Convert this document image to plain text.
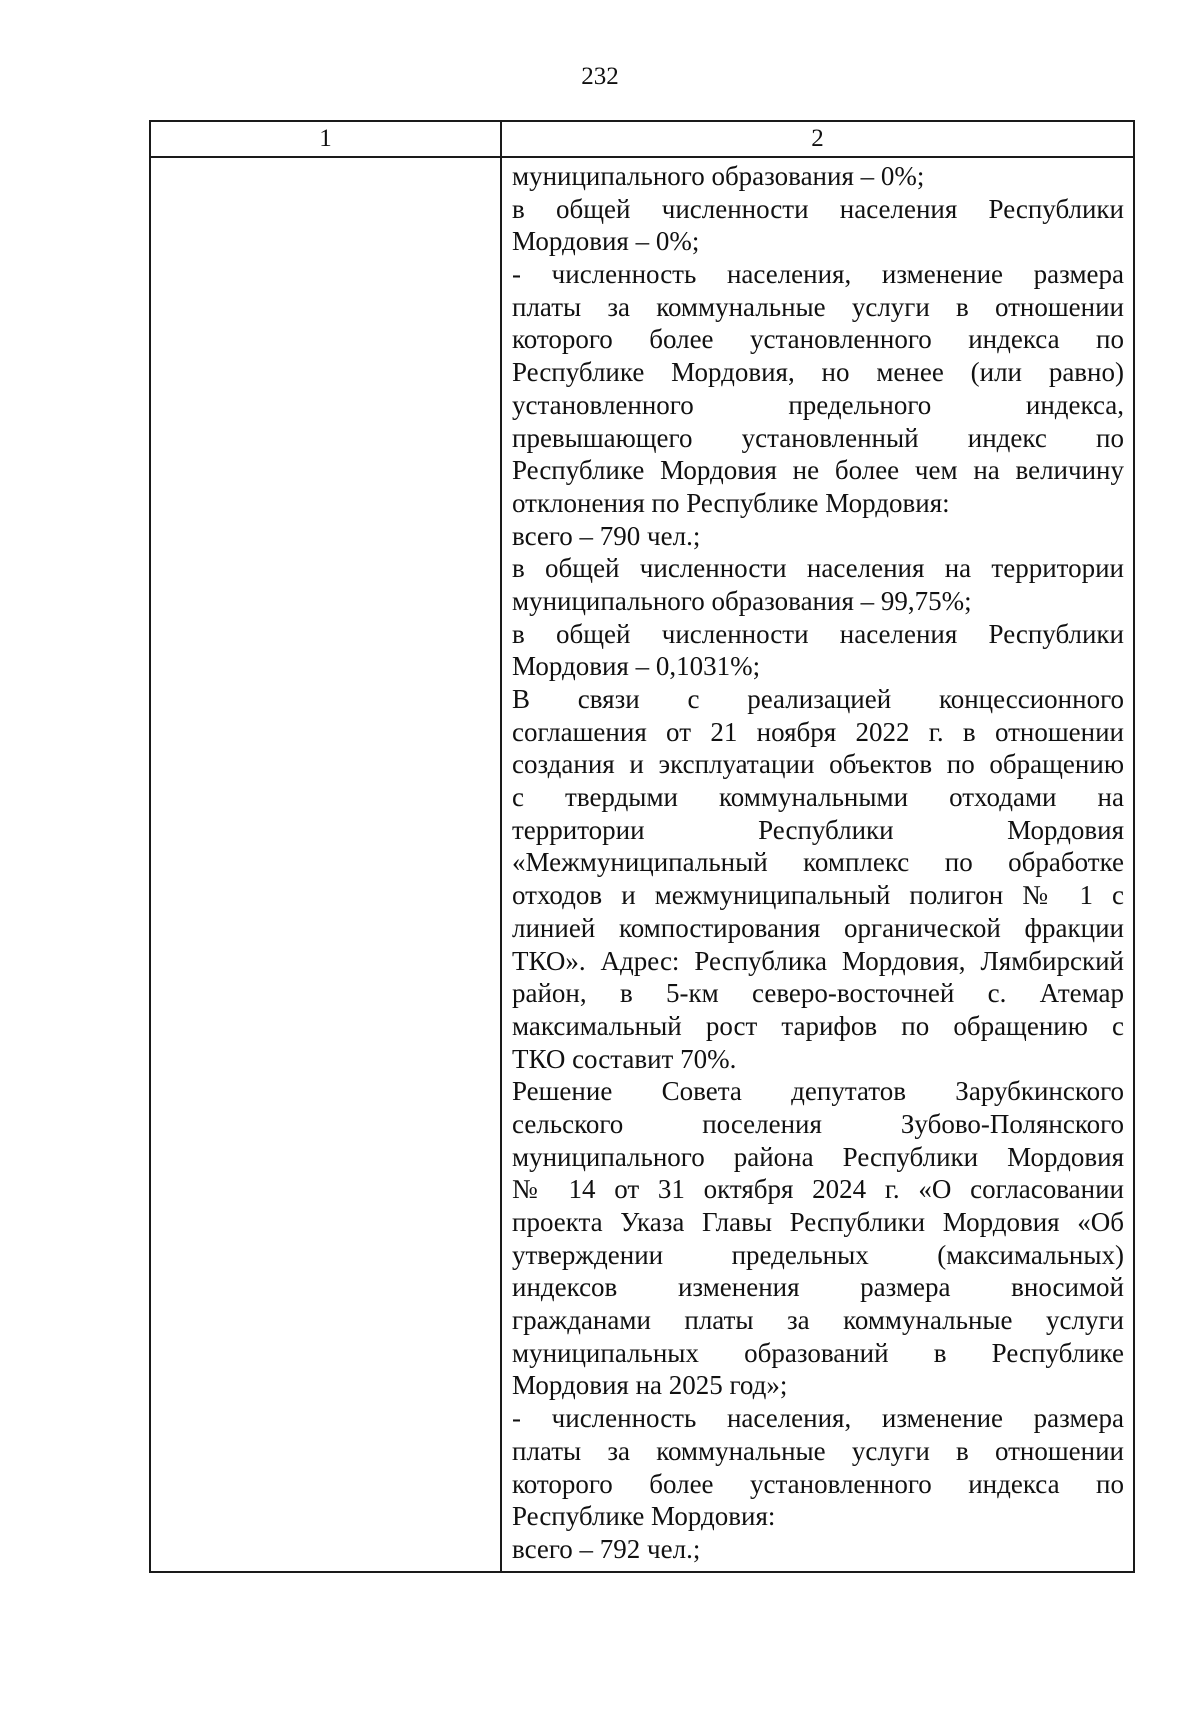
232
1	2
муниципального образования – 0%;
в общей численности населения Республики
Мордовия – 0%;
- численность населения, изменение размера
платы за коммунальные услуги в отношении
которого более установленного индекса по
Республике Мордовия, но менее (или равно)
установленного предельного индекса,
превышающего установленный индекс по
Республике Мордовия не более чем на величину
отклонения по Республике Мордовия:
всего – 790 чел.;
в общей численности населения на территории
муниципального образования – 99,75%;
в общей численности населения Республики
Мордовия – 0,1031%;
В связи с реализацией концессионного
соглашения от 21 ноября 2022 г. в отношении
создания и эксплуатации объектов по обращению
с твердыми коммунальными отходами на
территории Республики Мордовия
«Межмуниципальный комплекс по обработке
отходов и межмуниципальный полигон № 1 с
линией компостирования органической фракции
ТКО». Адрес: Республика Мордовия, Лямбирский
район, в 5-км северо-восточней с. Атемар
максимальный рост тарифов по обращению с
ТКО составит 70%.
Решение Совета депутатов Зарубкинского
сельского поселения Зубово-Полянского
муниципального района Республики Мордовия
№ 14 от 31 октября 2024 г. «О согласовании
проекта Указа Главы Республики Мордовия «Об
утверждении предельных (максимальных)
индексов изменения размера вносимой
гражданами платы за коммунальные услуги
муниципальных образований в Республике
Мордовия на 2025 год»;
- численность населения, изменение размера
платы за коммунальные услуги в отношении
которого более установленного индекса по
Республике Мордовия:
всего – 792 чел.;
